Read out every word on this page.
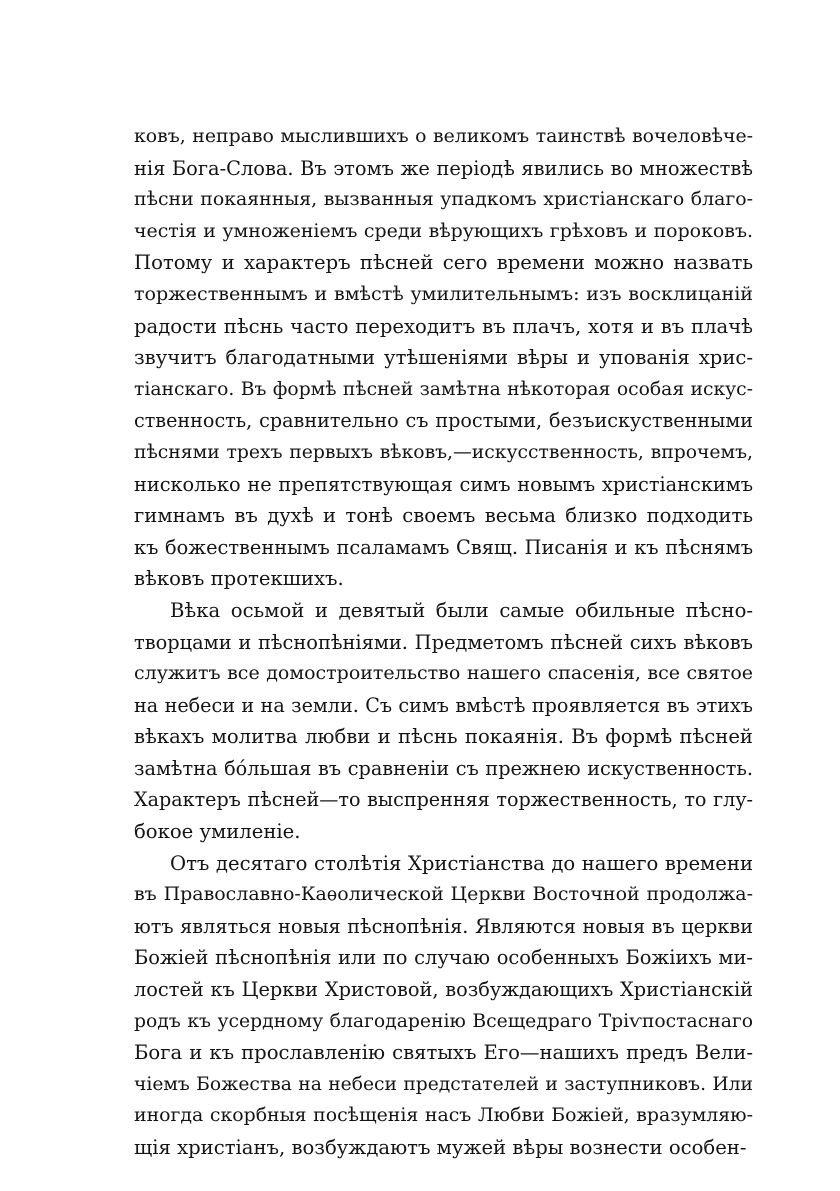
ковъ, неправо мыслившихъ о великомъ таинствѣ вочеловѣче-
нія Бога-Слова. Въ этомъ же періодѣ явились во множествѣ
пѣсни покаянныя, вызванныя упадкомъ христіанскаго благо-
честія и умноженіемъ среди вѣрующихъ грѣховъ и пороковъ.
Потому и характеръ пѣсней сего времени можно назвать
торжественнымъ и вмѣстѣ умилительнымъ: изъ восклицаній
радости пѣснь часто переходитъ въ плачъ, хотя и въ плачѣ
звучитъ благодатными утѣшеніями вѣры и упованія хрис-
тіанскаго. Въ формѣ пѣсней замѣтна нѣкоторая особая искус-
ственность, сравнительно съ простыми, безъискуственными
пѣснями трехъ первыхъ вѣковъ,—искусственность, впрочемъ,
нисколько не препятствующая симъ новымъ христіанскимъ
гимнамъ въ духѣ и тонѣ своемъ весьма близко подходить
къ божественнымъ псаламамъ Свящ. Писанія и къ пѣснямъ
вѣковъ протекшихъ.
Вѣка осьмой и девятый были самые обильные пѣсно-
творцами и пѣснопѣніями. Предметомъ пѣсней сихъ вѣковъ
служитъ все домостроительство нашего спасенія, все святое
на небеси и на земли. Съ симъ вмѣстѣ проявляется въ этихъ
вѣкахъ молитва любви и пѣснь покаянія. Въ формѣ пѣсней
замѣтна бóльшая въ сравненіи съ прежнею искуственность.
Характеръ пѣсней—то выспренняя торжественность, то глу-
бокое умиленіе.
Отъ десятаго столѣтія Христіанства до нашего времени
въ Православно-Каѳолической Церкви Восточной продолжа-
ютъ являться новыя пѣснопѣнія. Являются новыя въ церкви
Божіей пѣснопѣнія или по случаю особенныхъ Божіихъ ми-
лостей къ Церкви Христовой, возбуждающихъ Христіанскій
родъ къ усердному благодаренію Всещедраго Тріѵпостаснаго
Бога и къ прославленію святыхъ Его—нашихъ предъ Вели-
чіемъ Божества на небеси предстателей и заступниковъ. Или
иногда скорбныя посѣщенія насъ Любви Божіей, вразумляю-
щія христіанъ, возбуждаютъ мужей вѣры вознести особен-
